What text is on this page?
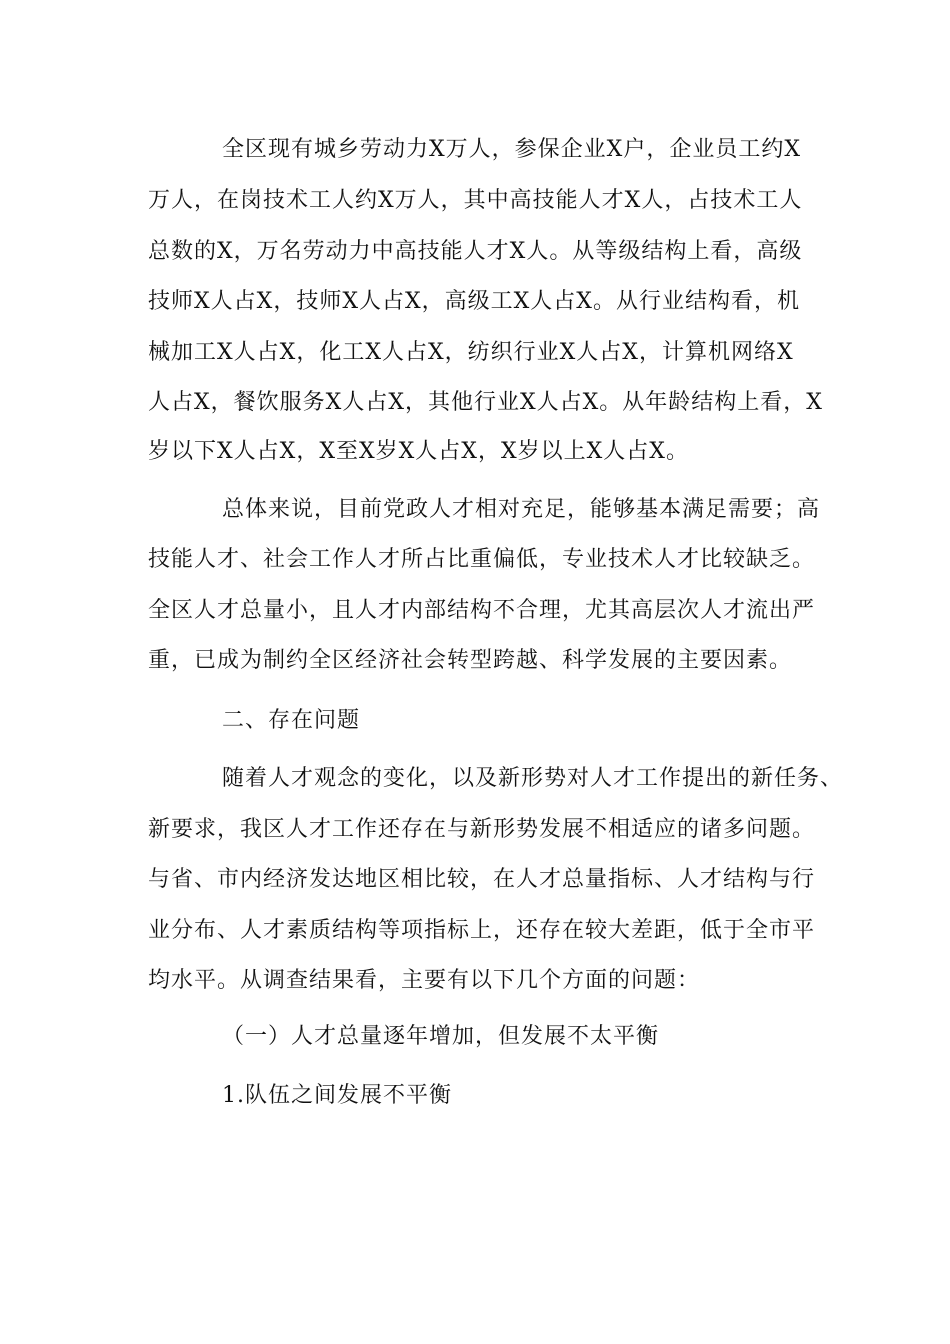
全区现有城乡劳动力X万人，参保企业X户，企业员工约X
万人，在岗技术工人约X万人，其中高技能人才X人，占技术工人
总数的X，万名劳动力中高技能人才X人。从等级结构上看，高级
技师X人占X，技师X人占X，高级工X人占X。从行业结构看，机
械加工X人占X，化工X人占X，纺织行业X人占X，计算机网络X
人占X，餐饮服务X人占X，其他行业X人占X。从年龄结构上看，X
岁以下X人占X，X至X岁X人占X，X岁以上X人占X。
总体来说，目前党政人才相对充足，能够基本满足需要；高
技能人才、社会工作人才所占比重偏低，专业技术人才比较缺乏。
全区人才总量小，且人才内部结构不合理，尤其高层次人才流出严
重，已成为制约全区经济社会转型跨越、科学发展的主要因素。
二、存在问题
随着人才观念的变化，以及新形势对人才工作提出的新任务、
新要求，我区人才工作还存在与新形势发展不相适应的诸多问题。
与省、市内经济发达地区相比较，在人才总量指标、人才结构与行
业分布、人才素质结构等项指标上，还存在较大差距，低于全市平
均水平。从调查结果看，主要有以下几个方面的问题：
（一）人才总量逐年增加，但发展不太平衡
1.队伍之间发展不平衡
